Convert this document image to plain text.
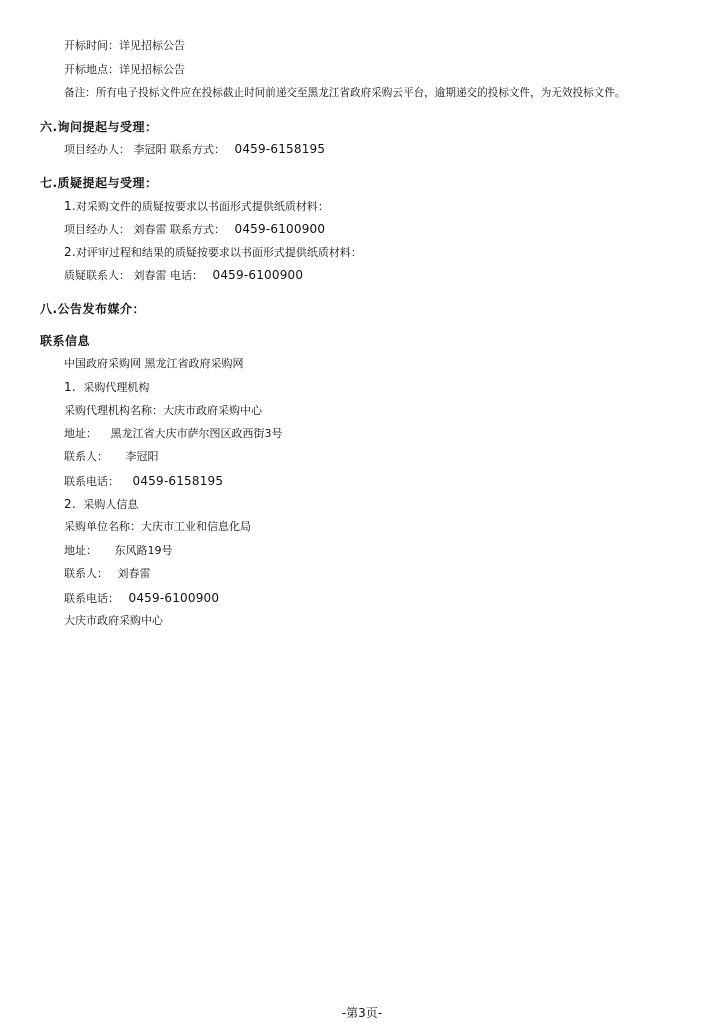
开标时间：详见招标公告
开标地点：详见招标公告
备注：所有电子投标文件应在投标截止时间前递交至黑龙江省政府采购云平台，逾期递交的投标文件，为无效投标文件。
六.询问提起与受理：
项目经办人： 李冠阳 联系方式： 0459-6158195
七.质疑提起与受理：
1.对采购文件的质疑按要求以书面形式提供纸质材料：
项目经办人： 刘春雷 联系方式： 0459-6100900
2.对评审过程和结果的质疑按要求以书面形式提供纸质材料：
质疑联系人： 刘春雷 电话： 0459-6100900
八.公告发布媒介：
联系信息
中国政府采购网 黑龙江省政府采购网
1. 采购代理机构
采购代理机构名称：大庆市政府采购中心
地址： 黑龙江省大庆市萨尔图区政西街3号
联系人： 李冠阳
联系电话： 0459-6158195
2. 采购人信息
采购单位名称：大庆市工业和信息化局
地址： 东风路19号
联系人： 刘春雷
联系电话： 0459-6100900
大庆市政府采购中心
-第3页-
